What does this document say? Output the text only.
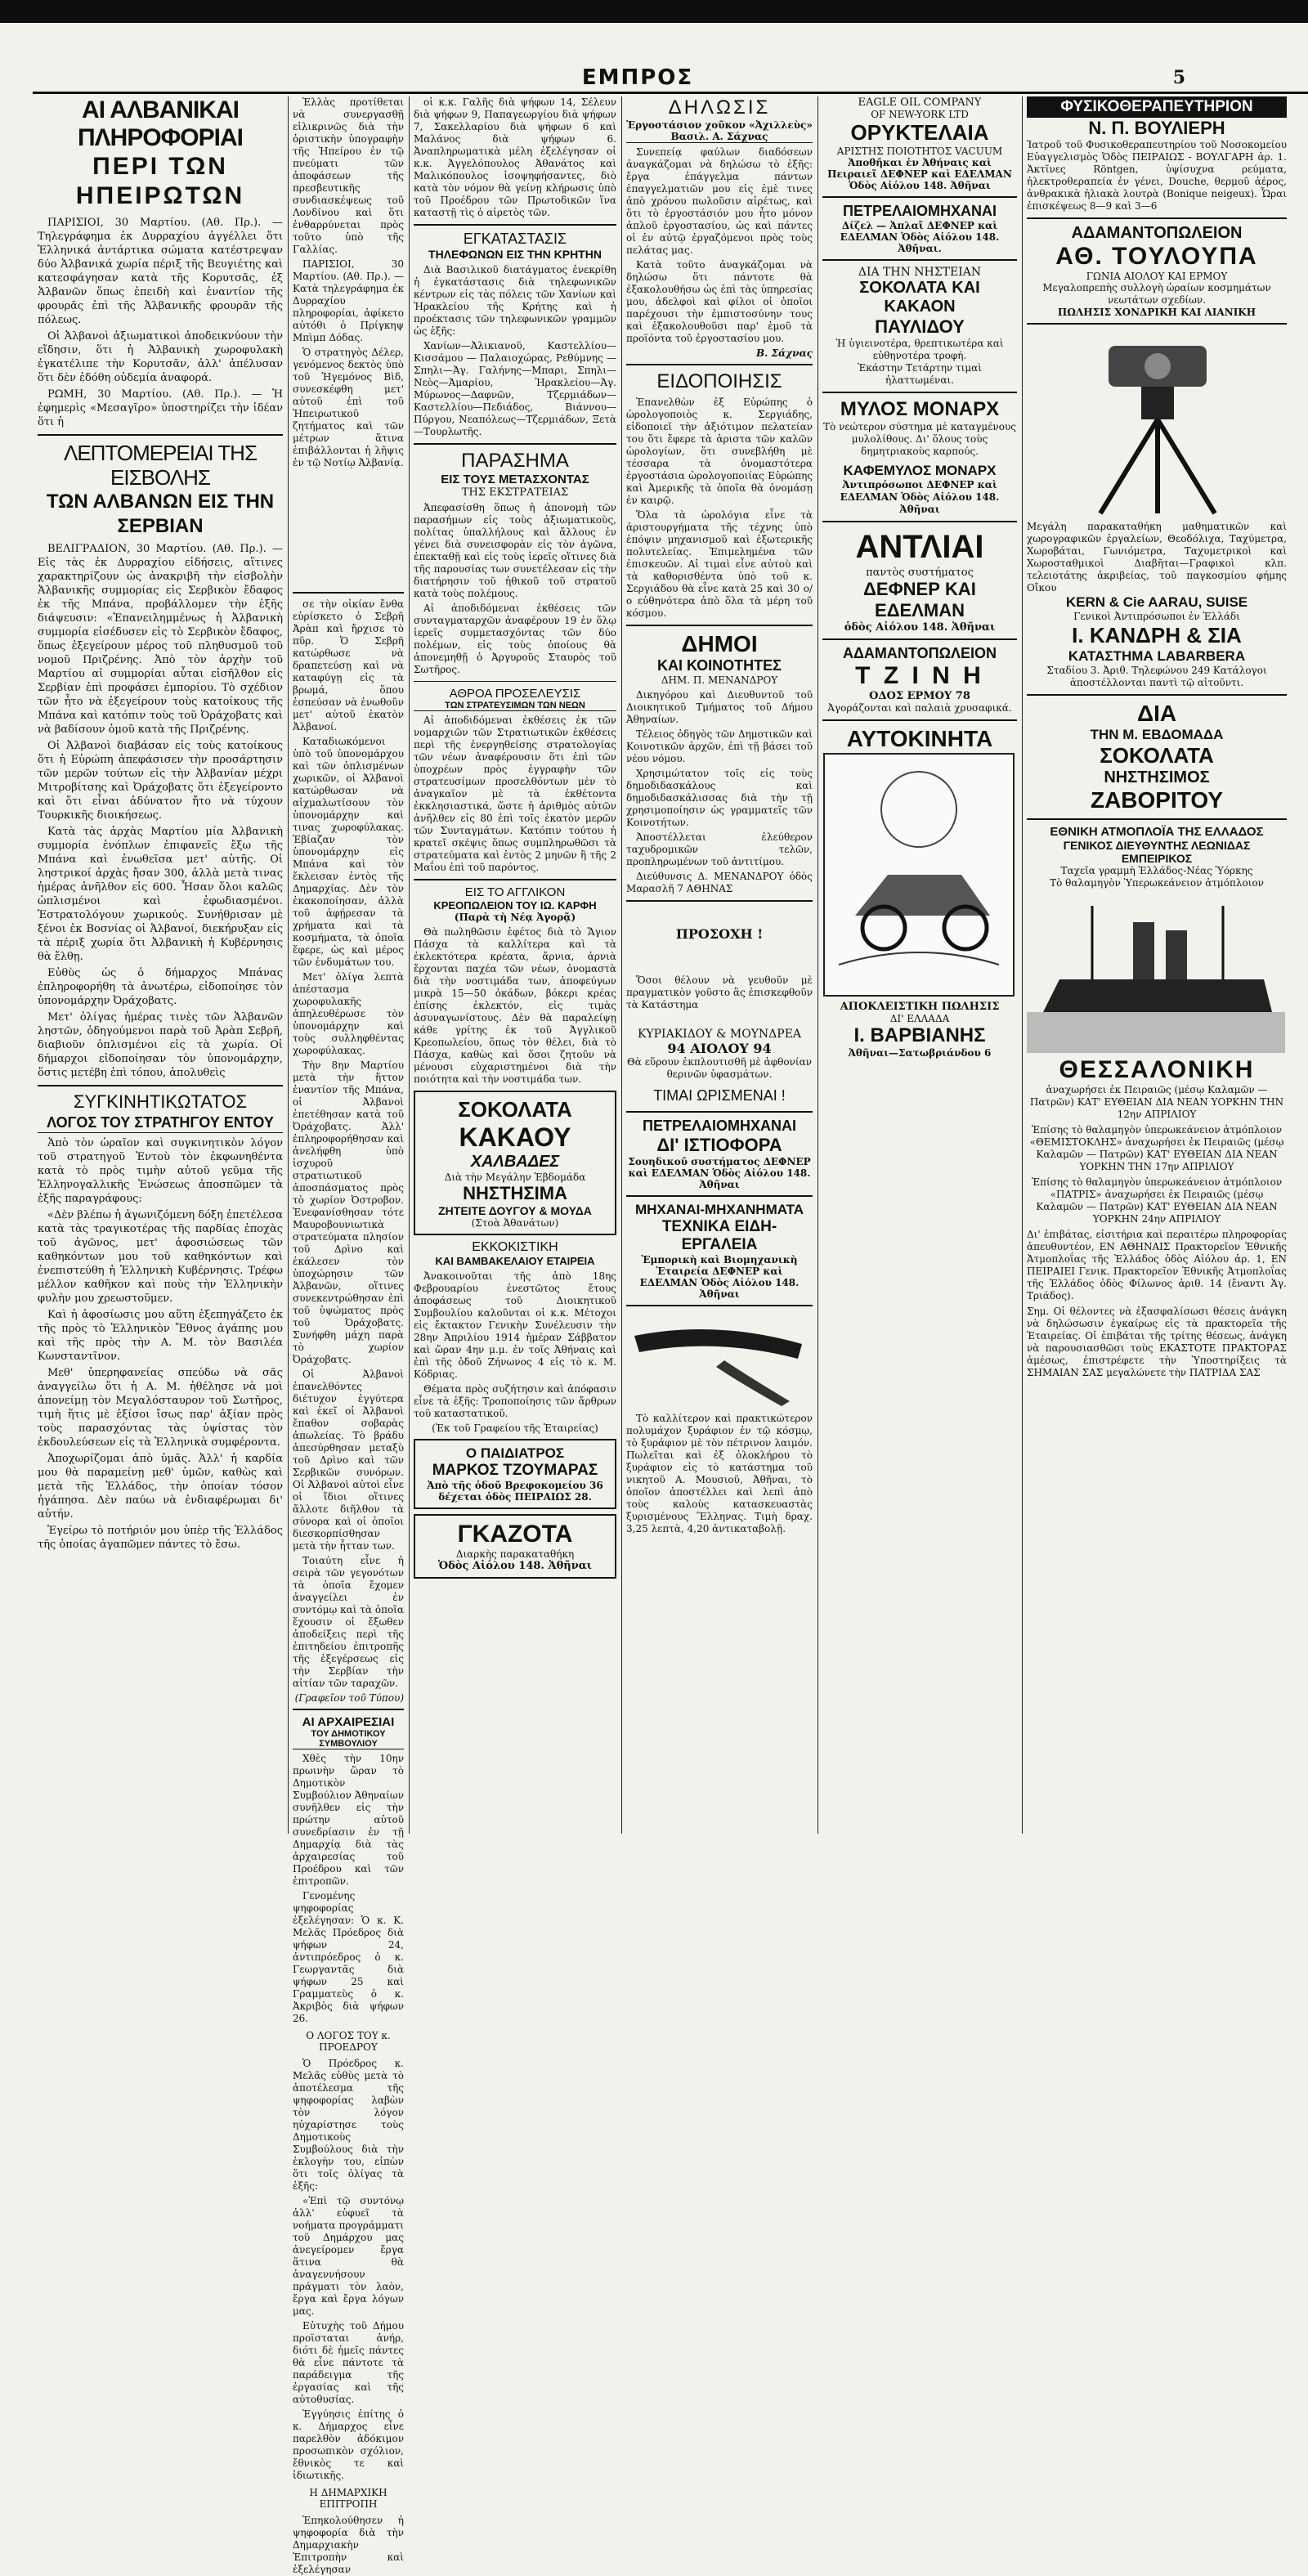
ΕΜΠΡΟΣ	5
ΑΙ ΑΛΒΑΝΙΚΑΙ ΠΛΗΡΟΦΟΡΙΑΙ
ΠΕΡΙ ΤΩΝ ΗΠΕΙΡΩΤΩΝ

ΠΑΡΙΣΙΟΙ, 30 Μαρτίου. (Αθ. Πρ.). — Τηλεγράφημα ἐκ Δυρραχίου ἀγγέλλει ὅτι Ἐλληνικά ἀντάρτικα σώματα κατέστρεψαν δύο Ἀλβανικά χωρία πέριξ τῆς Βευγιέτης καὶ κατεσφάγησαν κατὰ τῆς Κορυτσᾶς, ἐξ Ἀλβανῶν ὅπως ἐπειδὴ καὶ ἐναντίον τῆς φρουρᾶς ἐπὶ τῆς Ἀλβανικῆς φρουρᾶν τῆς πόλεως.

Οἱ Ἀλβανοὶ ἀξιωματικοὶ ἀποδεικνύουν τὴν εἴδησιν, ὅτι ἡ Ἀλβανικὴ χωροφυλακὴ ἐγκατέλιπε τὴν Κορυτσᾶν, ἀλλ' ἀπέλυσαν ὅτι δὲν ἐδόθη οὐδεμία ἀναφορά.

ΡΩΜΗ, 30 Μαρτίου. (Αθ. Πρ.). — Ἡ ἐφημερὶς «Μεσαγῖρο» ὑποστηρίζει τὴν ἰδέαν ὅτι ἡ

ΛΕΠΤΟΜΕΡΕΙΑΙ ΤΗΣ ΕΙΣΒΟΛΗΣ
ΤΩΝ ΑΛΒΑΝΩΝ ΕΙΣ ΤΗΝ ΣΕΡΒΙΑΝ

ΒΕΛΙΓΡΑΔΙΟΝ, 30 Μαρτίου. (Αθ. Πρ.). — Εἰς τὰς ἐκ Δυρραχίου εἰδήσεις, αἵτινες χαρακτηρίζουν ὡς ἀνακριβῆ τὴν εἰσβολὴν Ἀλβανικῆς συμμορίας εἰς Σερβικὸν ἔδαφος ἐκ τῆς Μπάνα, προβάλλομεν τὴν ἑξῆς διάψευσιν: «Ἐπανειλημμένως ἡ Ἀλβανικὴ συμμορία εἰσέδυσεν εἰς τὸ Σερβικὸν ἔδαφος, ὅπως ἐξεγείρουν μέρος τοῦ πληθυσμοῦ τοῦ νομοῦ Πριζρένης. Ἀπὸ τὸν ἀρχὴν τοῦ Μαρτίου αἱ συμμορίαι αὗται εἰσῆλθον εἰς Σερβίαν ἐπὶ προφάσει ἐμπορίου. Τὸ σχέδιον τῶν ἦτο νὰ ἐξεγείρουν τοὺς κατοίκους τῆς Μπάνα καὶ κατόπιν τοὺς τοῦ Ὀράχοβατς καὶ νὰ βαδίσουν ὁμοῦ κατὰ τῆς Πριζρένης.

Οἱ Ἀλβανοὶ διαβάσαν εἰς τοὺς κατοίκους ὅτι ἡ Εὐρώπη ἀπεφάσισεν τὴν προσάρτησιν τῶν μερῶν τούτων εἰς τὴν Ἀλβανίαν μέχρι Μιτροβίτσης καὶ Ὀράχοβατς ὅτι ἐξεγείροντο καὶ ὅτι εἶναι ἀδύνατον ἤτο νὰ τύχουν Τουρκικῆς διοικήσεως.

Κατὰ τὰς ἀρχὰς Μαρτίου μία Ἀλβανικὴ συμμορία ἐνόπλων ἐπιφανεῖς ἔξω τῆς Μπάνα καὶ ἐνωθεῖσα μετ' αὐτῆς. Οἱ ληστρικοί ἀρχὰς ἤσαν 300, ἀλλὰ μετὰ τινας ἡμέρας ἀνῆλθον εἰς 600. Ἦσαν ὅλοι καλῶς ὡπλισμένοι καὶ ἐφωδιασμένοι. Ἐστρατολόγουν χωρικούς. Συνήθρισαν μὲ ξένοι ἐκ Βοσνίας οἱ Ἀλβανοί, διεκήρυξαν εἰς τὰ πέριξ χωρία ὅτι Ἀλβανικὴ ἡ Κυβέρνησις θὰ ἔλθῃ.

Εὐθὺς ὡς ὁ δήμαρχος Μπάνας ἐπληροφορήθη τὰ ἀνωτέρω, εἰδοποίησε τὸν ὑπονομάρχην Ὀράχοβατς.

Μετ' ὀλίγας ἡμέρας τινὲς τῶν Ἀλβανῶν ληστῶν, ὁδηγούμενοι παρὰ τοῦ Ἀρὰπ Σεβρῆ, διαβιοῦν ὁπλισμένοι εἰς τὰ χωρία. Οἱ δήμαρχοι εἰδοποίησαν τὸν ὑπονομάρχην, ὅστις μετέβη ἐπὶ τόπου, ἀπολυθεὶς

ΣΥΓΚΙΝΗΤΙΚΩΤΑΤΟΣ
ΛΟΓΟΣ ΤΟΥ ΣΤΡΑΤΗΓΟΥ ΕΝΤΟΥ

Ἀπὸ τὸν ὡραῖον καὶ συγκινητικὸν λόγον τοῦ στρατηγοῦ Ἐντοὺ τὸν ἐκφωνηθέντα κατὰ τὸ πρὸς τιμὴν αὐτοῦ γεῦμα τῆς Ἑλληνογαλλικῆς Ἑνώσεως ἀποσπῶμεν τὰ ἑξῆς παραγράφους:

«Δὲν βλέπω ἡ ἀγωνιζόμενη δόξη ἐπετέλεσα κατὰ τὰς τραγικοτέρας τῆς παρδίας ἐποχὰς τοῦ ἀγῶνος, μετ' ἀφοσιώσεως τῶν καθηκόντων μου τοῦ καθηκόντων καὶ ἐνεπιστεύθη ἡ Ἑλληνικὴ Κυβέρνησις. Τρέφω μέλλον καθῆκον καὶ ποὺς τὴν Ἑλληνικὴν φυλὴν μου χρεωστοῦμεν.

Καὶ ἡ ἀφοσίωσις μου αὕτη ἐξεπηγάζετο ἐκ τῆς πρὸς τὸ Ἑλληνικὸν Ἔθνος ἀγάπης μου καὶ τῆς πρὸς τὴν Α. Μ. τὸν Βασιλέα Κωνσταντῖνον.

Μεθ' ὑπερηφανείας σπεύδω νὰ σᾶς ἀναγγείλω ὅτι ἡ Α. Μ. ἠθέλησε νὰ μοὶ ἀπονείμῃ τὸν Μεγαλόσταυρον τοῦ Σωτῆρος, τιμὴ ἥτις μὲ ἐξίσοι ἴσως παρ' ἀξίαν πρὸς τοὺς παρασχόντας τὰς ὑψίστας τὸν ἐκδουλεύσεων εἰς τὰ Ἑλληνικὰ συμφέροντα.

Ἀποχωρίζομαι ἀπὸ ὑμᾶς. Ἀλλ' ἡ καρδία μου θὰ παραμείνῃ μεθ' ὑμῶν, καθὼς καὶ μετὰ τῆς Ἑλλάδος, τὴν ὁποίαν τόσον ἠγάπησα. Δὲν παύω νὰ ἐνδιαφέρωμαι δι' αὐτήν.

Ἐγείρω τὸ ποτήριόν μου ὑπὲρ τῆς Ἑλλάδος τῆς ὁποίας ἀγαπῶμεν πάντες τὸ ἔσω.

Ἑλλὰς προτίθεται νὰ συνεργασθῇ εἰλικρινῶς διὰ τὴν ὁριστικὴν ὑπογραφὴν τῆς Ἠπείρου ἐν τῷ πνεύματι τῶν ἀποφάσεων τῆς πρεσβευτικῆς συνδιασκέψεως τοῦ Λονδίνου καὶ ὅτι ἐνθαρρύνεται πρὸς τοῦτο ὑπὸ τῆς Γαλλίας.

ΠΑΡΙΣΙΟΙ, 30 Μαρτίου. (Αθ. Πρ.). — Κατὰ τηλεγράφημα ἐκ Δυρραχίου πληροφορίαι, ἀφίκετο αὐτόθι ὁ Πρίγκηψ Μπὶμπ Δόδας.

Ὁ στρατηγὸς Δέλερ, γενόμενος δεκτὸς ὑπὸ τοῦ Ἡγεμόνος Βὶδ, συνεσκέφθη μετ' αὐτοῦ ἐπὶ τοῦ Ἠπειρωτικοῦ ζητήματος καὶ τῶν μέτρων ἅτινα ἐπιβάλλονται ἡ λῆψις ἐν τῷ Νοτίῳ Ἀλβανίᾳ.

σε τὴν οἰκίαν ἔνθα εὑρίσκετο ὁ Σεβρῆ Ἀρὰπ καὶ ἤρχισε τὸ πῦρ. Ὁ Σεβρῆ κατώρθωσε νὰ δραπετεύσῃ καὶ νὰ καταφύγῃ εἰς τὰ βρωμά, ὅπου ἐσπεύσαν νὰ ἑνωθοῦν μετ' αὐτοῦ ἑκατὸν Ἀλβανοί.

Καταδιωκόμενοι ὑπὸ τοῦ ὑπονομάρχου καὶ τῶν ὁπλισμένων χωρικῶν, οἱ Ἀλβανοὶ κατώρθωσαν νὰ αἰχμαλωτίσουν τὸν ὑπονομάρχην καὶ τινας χωροφύλακας. Ἐβίαζαν τὸν ὑπονομάρχην εἰς Μπάνα καὶ τὸν ἔκλεισαν ἐντὸς τῆς Δημαρχίας. Δὲν τὸν ἐκακοποίησαν, ἀλλὰ τοῦ ἀφῄρεσαν τὰ χρήματα καὶ τὰ κοσμήματα, τὰ ὁποῖα ἔφερε, ὡς καὶ μέρος τῶν ἐνδυμάτων του.

Μετ' ὀλίγα λεπτὰ ἀπέστασμα χωροφυλακῆς ἀπηλευθέρωσε τὸν ὑπονομάρχην καὶ τοὺς συλληφθέντας χωροφύλακας.

Τὴν 8ην Μαρτίου μετὰ τὴν ἥττον ἐναντίον τῆς Μπάνα, οἱ Ἀλβανοὶ ἐπετέθησαν κατὰ τοῦ Ὀράχοβατς. Ἀλλ' ἐπληροφορήθησαν καὶ ἀνελήφθη ὑπὸ ἰσχυροῦ στρατιωτικοῦ ἀποσπάσματος πρὸς τὸ χωρίον Ὀστροβον. Ἐνεφανίσθησαν τότε Μαυροβουνιωτικὰ στρατεύματα πλησίον τοῦ Δρὶνο καὶ ἐκάλεσεν τὸν ὑποχώρησιν τῶν Ἀλβανῶν, οἵτινες συνεκεντρώθησαν ἐπὶ τοῦ ὑψώματος πρὸς τοῦ Ὀράχοβατς. Συνήφθη μάχη παρὰ τὸ χωρίον Ὀράχοβατς.

Οἱ Ἀλβανοὶ ἐπανελθόντες διέτυχον ἐγγύτερα καὶ ἐκεῖ οἱ Ἀλβανοὶ ἔπαθον σοβαρὰς ἀπωλείας. Τὸ βράδυ ἀπεσύρθησαν μεταξὺ τοῦ Δρὶνο καὶ τῶν Σερβικῶν συνόρων. Οἱ Ἀλβανοὶ αὐτοὶ εἶνε οἱ ἴδιοι οἵτινες ἄλλοτε διῆλθον τὰ σύνορα καὶ οἱ ὁποῖοι διεσκορπίσθησαν μετὰ τὴν ἧτταν των.

Τοιαύτη εἶνε ἡ σειρὰ τῶν γεγονότων τὰ ὁποῖα ἔχομεν ἀναγγείλει ἐν συντόμῳ καὶ τὰ ὁποῖα ἔχουσιν οἱ ἔξωθεν ἀποδείξεις περὶ τῆς ἐπιτηδείου ἐπιτροπῆς τῆς ἐξεγέρσεως εἰς τὴν Σερβίαν τὴν αἰτίαν τῶν ταραχῶν.

(Γραφεῖον τοῦ Τύπου)
ΑΙ ΑΡΧΑΙΡΕΣΙΑΙ
ΤΟΥ ΔΗΜΟΤΙΚΟΥ ΣΥΜΒΟΥΛΙΟΥ

Χθὲς τὴν 10ην πρωινὴν ὥραν τὸ Δημοτικὸν Συμβούλιον Ἀθηναίων συνῆλθεν εἰς τὴν πρώτην αὐτοῦ συνεδρίασιν ἐν τῇ Δημαρχίᾳ διὰ τὰς ἀρχαιρεσίας τοῦ Προέδρου καὶ τῶν ἐπιτροπῶν.

Γενομένης ψηφοφορίας ἐξελέγησαν: Ὁ κ. Κ. Μελᾶς Πρόεδρος διὰ ψήφων 24, ἀντιπρόεδρος ὁ κ. Γεωργαντᾶς διὰ ψήφων 25 καὶ Γραμματεὺς ὁ κ. Ἀκριβὸς διὰ ψήφων 26.

Ο ΛΟΓΟΣ ΤΟΥ κ. ΠΡΟΕΔΡΟΥ

Ὁ Πρόεδρος κ. Μελᾶς εὐθὺς μετὰ τὸ ἀποτέλεσμα τῆς ψηφοφορίας λαβὼν τὸν λόγον ηὐχαρίστησε τοὺς Δημοτικοὺς Συμβούλους διὰ τὴν ἐκλογὴν του, εἰπὼν ὅτι τοῖς ὀλίγας τὰ ἑξῆς:

«Ἐπὶ τῷ συντόνῳ ἀλλ' εὐφυεῖ τὰ νοήματα προγράμματι τοῦ Δημάρχου μας ἀνεγείρομεν ἔργα ἅτινα θὰ ἀναγεννήσουν πράγματι τὸν λαὸν, ἔργα καὶ ἔργα λόγων μας.

Εὐτυχὴς τοῦ Δήμου προϊσταται ἀνήρ, διότι δὲ ἠμεῖς πάντες θὰ εἶνε πάντοτε τὰ παράδειγμα τῆς ἐργασίας καὶ τῆς αὐτοθυσίας.

Ἐγγύησις ἐπίτης ὁ κ. Δήμαρχος εἶνε παρελθὸν ἀδόκιμον προσωπικὸν σχόλιον, ἔθνικὸς τε καὶ ἰδιωτικῆς.

Η ΔΗΜΑΡΧΙΚΗ ΕΠΙΤΡΟΠΗ

Ἐπηκολούθησεν ἡ ψηφοφορία διὰ τὴν Δημαρχιακὴν Ἐπιτροπὴν καὶ ἐξελέγησαν

οἱ κ.κ. Γαλῆς διὰ ψήφων 14, Σέλευν διὰ ψήφων 9, Παπαγεωργίου διὰ ψήφων 7, Σακελλαρίου διὰ ψήφων 6 καὶ Μαλάνος διὰ ψήφων 6. Ἀναπληρωματικὰ μέλη ἐξελέγησαν οἱ κ.κ. Ἀγγελόπουλος Ἀθανάτος καὶ Μαλικόπουλος ἰσοψηφήσαντες, διὸ κατὰ τὸν νόμον θὰ γείνῃ κλήρωσις ὑπὸ τοῦ Προέδρου τῶν Πρωτοδικῶν ἵνα καταστῇ τὶς ὁ αἱρετὸς τῶν.

ΕΓΚΑΤΑΣΤΑΣΙΣ
ΤΗΛΕΦΩΝΩΝ ΕΙΣ ΤΗΝ ΚΡΗΤΗΝ

Διὰ Βασιλικοῦ διατάγματος ἐνεκρίθη ἡ ἐγκατάστασις διὰ τηλεφωνικῶν κέντρων εἰς τὰς πόλεις τῶν Χανίων καὶ Ἡρακλείου τῆς Κρήτης καὶ ἡ προέκτασις τῶν τηλεφωνικῶν γραμμῶν ὡς ἑξῆς:

Χανίων—Ἀλικιανοῦ, Καστελλίου—Κισσάμου — Παλαιοχώρας, Ρεθύμνης — Σπηλι—Ἀγ. Γαλήνης—Μπαρι, Σπηλι—Νεὸς—Ἀμαρίου, Ἡρακλείου—Ἀγ. Μύρωνος—Δαφνῶν, Τζερμιάδων—Καστελλίου—Πεδιάδος, Βιάννου—Πύργου, Νεαπόλεως—Τζερμιάδων, Ξετὰ—Τουρλωτῆς.

ΠΑΡΑΣΗΜΑ
ΕΙΣ ΤΟΥΣ ΜΕΤΑΣΧΟΝΤΑΣ
ΤΗΣ ΕΚΣΤΡΑΤΕΙΑΣ

Ἀπεφασίσθη ὅπως ἡ ἀπονομὴ τῶν παρασήμων εἰς τοὺς ἀξιωματικοὺς, πολίτας ὑπαλλήλους καὶ ἄλλους ἐν γένει διὰ συνεισφορὰν εἰς τὸν ἀγῶνα, ἐπεκταθῇ καὶ εἰς τοὺς ἱερεῖς οἵτινες διὰ τῆς παρουσίας των συνετέλεσαν εἰς τὴν διατήρησιν τοῦ ἠθικοῦ τοῦ στρατοῦ κατὰ τοὺς πολέμους.

Αἱ ἀποδιδόμεναι ἐκθέσεις τῶν συνταγματαρχῶν ἀναφέρουν 19 ἐν ὅλῳ ἱερεῖς συμμετασχόντας τῶν δύο πολέμων, εἰς τοὺς ὁποίους θὰ ἀπονεμηθῇ ὁ Ἀργυροῦς Σταυρὸς τοῦ Σωτῆρος.

ΑΘΡΟΑ ΠΡΟΣΕΛΕΥΣΙΣ
ΤΩΝ ΣΤΡΑΤΕΥΣΙΜΩΝ ΤΩΝ ΝΕΩΝ

Αἱ ἀποδιδόμεναι ἐκθέσεις ἐκ τῶν νομαρχιῶν τῶν Στρατιωτικῶν ἐκθέσεις περὶ τῆς ἐνεργηθείσης στρατολογίας τῶν νέων ἀναφέρουσιν ὅτι ἐπὶ τῶν ὑποχρέων πρὸς ἐγγραφὴν τῶν στρατευσίμων προσελθόντων μὲν τὸ ἀναγκαῖον μὲ τὰ ἐκθέτοντα ἐκκλησιαστικά, ὥστε ἡ ἀριθμὸς αὐτῶν ἀνῆλθεν εἰς 80 ἐπὶ τοῖς ἑκατὸν μερῶν τῶν Συνταγμάτων. Κατόπιν τούτου ἡ κρατεῖ σκέψις ὅπως συμπληρωθῶσι τὰ στρατεύματα καὶ ἐντὸς 2 μηνῶν ἢ τῆς 2 Μαΐου ἐπὶ τοῦ παρόντος.

ΕΙΣ ΤΟ ΑΓΓΛΙΚΟΝ
ΚΡΕΟΠΩΛΕΙΟΝ ΤΟΥ ΙΩ. ΚΑΡΦΗ
(Παρὰ τὴ Νέᾳ Ἀγορᾷ)

Θὰ πωληθῶσιν ἐφέτος διὰ τὸ Ἅγιον Πάσχα τὰ καλλίτερα καὶ τὰ ἐκλεκτότερα κρέατα, ἄρνια, ἀρνιὰ ἔρχονται παχέα τῶν νέων, ὀνομαστὰ διὰ τὴν νοστιμάδα των, ἀποφεύγων μικρὰ 15—50 ὀκάδων, βόκερι κρέας ἐπίσης ἐκλεκτόν, εἰς τιμὰς ἀσυναγωνίστους. Δὲν θὰ παραλείψῃ κάθε γρίτης ἐκ τοῦ Ἀγγλικοῦ Κρεοπωλείου, ὅπως τὸν θέλει, διὰ τὸ Πάσχα, καθὼς καὶ ὅσοι ζητοῦν νὰ μένουσι εὐχαριστημένοι διὰ τὴν ποιότητα καὶ τὴν νοστιμάδα των.

ΣΟΚΟΛΑΤΑ
ΚΑΚΑΟΥ
ΧΑΛΒΑΔΕΣ
Διὰ τὴν Μεγάλην Ἑβδομάδα
ΝΗΣΤΗΣΙΜΑ
ΖΗΤΕΙΤΕ ΔΟΥΓΟΥ & ΜΟΥΔΑ
(Στοὰ Ἀθανάτων)
ΕΚΚΟΚΙΣΤΙΚΗ
ΚΑΙ ΒΑΜΒΑΚΕΛΑΙΟΥ ΕΤΑΙΡΕΙΑ

Ἀνακοινοῦται τῆς ἀπὸ 18ης Φεβρουαρίου ἐνεστῶτος ἔτους ἀποφάσεως τοῦ Διοικητικοῦ Συμβουλίου καλοῦνται οἱ κ.κ. Μέτοχοι εἰς ἔκτακτον Γενικὴν Συνέλευσιν τὴν 28ην Ἀπριλίου 1914 ἡμέραν Σάββατον καὶ ὥραν 4ην μ.μ. ἐν τοῖς Ἀθήναις καὶ ἐπὶ τῆς ὁδοῦ Ζήνωνος 4 εἰς τὸ κ. Μ. Κόδριας.

Θέματα πρὸς συζήτησιν καὶ ἀπόφασιν εἶνε τὰ ἑξῆς: Τροποποίησις τῶν ἄρθρων τοῦ καταστατικοῦ.

(Ἐκ τοῦ Γραφείου τῆς Ἑταιρείας)
Ο ΠΑΙΔΙΑΤΡΟΣ
ΜΑΡΚΟΣ ΤΖΟΥΜΑΡΑΣ
Ἀπὸ τῆς ὁδοῦ Βρεφοκομείου 36 δέχεται ὁδὸς ΠΕΙΡΑΙΩΣ 28.
ΓΚΑΖΟΤΑ
Διαρκὴς παρακαταθήκη
Ὁδὸς Αἰόλου 148. Ἀθῆναι
ΔΗΛΩΣΙΣ
Ἐργοστάσιον χοῦκον «Ἀχιλλεὺς» Βασιλ. Α. Σάχνας

Συνεπείᾳ φαύλων διαδόσεων ἀναγκάζομαι νὰ δηλώσω τὸ ἐξῆς: ἔργα ἐπάγγελμα πάντων ἐπαγγελματιῶν μου εἰς ἐμὲ τινες ἀπὸ χρόνου πωλοῦσιν αἰρέτως, καὶ ὅτι τὸ ἐργοστάσιόν μου ἦτο μόνον ἁπλοῦ ἐργοστασίου, ὡς καὶ πάντες οἱ ἐν αὐτῷ ἐργαζόμενοι πρὸς τοὺς πελάτας μας.

Κατὰ τοῦτο ἀναγκάζομαι νὰ δηλώσω ὅτι πάντοτε θὰ ἐξακολουθήσω ὡς ἐπὶ τὰς ὑπηρεσίας μου, ἀδελφοὶ καὶ φίλοι οἱ ὁποῖοι παρέχουσι τὴν ἐμπιστοσύνην τους καὶ ἐξακολουθοῦσι παρ' ἐμοῦ τὰ προϊόντα τοῦ ἐργοστασίου μου.

Β. Σάχνας
ΕΙΔΟΠΟΙΗΣΙΣ

Ἐπανελθὼν ἐξ Εὐρώπης ὁ ὡρολογοποιὸς κ. Σεργιάδης, εἰδοποιεῖ τὴν ἀξιότιμον πελατείαν του ὅτι ἔφερε τὰ ἀριστα τῶν καλῶν ὡρολογίων, ὅτι συνεβλήθη μὲ τέσσαρα τὰ ὀνομαστότερα ἐργοστάσια ὡρολογοποιίας Εὐρώπης καὶ Ἀμερικῆς τὰ ὁποῖα θὰ ὀνομάσῃ ἐν καιρῷ.

Ὅλα τὰ ὡρολόγια εἶνε τὰ ἀριστουργήματα τῆς τέχνης ὑπὸ ἐπόψιν μηχανισμοῦ καὶ ἐξωτερικῆς πολυτελείας. Ἐπιμελημένα τῶν ἐπισκευῶν. Αἱ τιμαὶ εἶνε αὐτοὺ καὶ τὰ καθορισθέντα ὑπὸ τοῦ κ. Σεργιάδου θὰ εἶνε κατὰ 25 καὶ 30 ο/ο εὐθηνότερα ἀπὸ ὅλα τὰ μέρη τοῦ κόσμου.

ΔΗΜΟΙ
ΚΑΙ ΚΟΙΝΟΤΗΤΕΣ
ΔΗΜ. Π. ΜΕΝΑΝΔΡΟΥ

Δικηγόρου καὶ Διευθυντοῦ τοῦ Διοικητικοῦ Τμήματος τοῦ Δήμου Ἀθηναίων.

Τέλειος ὁδηγὸς τῶν Δημοτικῶν καὶ Κοινοτικῶν ἀρχῶν, ἐπὶ τῇ βάσει τοῦ νέου νόμου.

Χρησιμώτατον τοῖς εἰς τοὺς δημοδιδασκάλους καὶ δημοδιδασκάλισσας διὰ τὴν τῇ χρησιμοποίησιν ὡς γραμματεῖς τῶν Κοινοτήτων.

Ἀποστέλλεται ἐλεύθερον ταχυδρομικῶν τελῶν, προπληρωμένων τοῦ ἀντιτίμου.

Διεύθυνσις Δ. ΜΕΝΑΝΔΡΟΥ ὁδὸς Μαρασλῆ 7 ΑΘΗΝΑΣ

ΠΡΟΣΟΧΗ !

Ὅσοι θέλουν νὰ γευθοῦν μὲ πραγματικὸν γοῦστο ἂς ἐπισκεφθοῦν τὰ Κατάστημα

ΚΥΡΙΑΚΙΔΟΥ & ΜΟΥΝΔΡΕΑ
94 ΑΙΟΛΟΥ 94
Θὰ εὕρουν ἐκπλουτισθῆ μὲ ἀφθονίαν θερινῶν ὑφασμάτων.
ΤΙΜΑΙ ΩΡΙΣΜΕΝΑΙ !
ΠΕΤΡΕΛΑΙΟΜΗΧΑΝΑΙ
ΔΙ' ΙΣΤΙΟΦΟΡΑ
Σουηδικοῦ συστήματος ΔΕΦΝΕΡ καὶ ΕΔΕΛΜΑΝ Ὁδὸς Αἰόλου 148. Ἀθῆναι
ΜΗΧΑΝΑΙ-ΜΗΧΑΝΗΜΑΤΑ
ΤΕΧΝΙΚΑ ΕΙΔΗ-ΕΡΓΑΛΕΙΑ
Ἐμπορικὴ καὶ Βιομηχανικὴ Ἑταιρεία ΔΕΦΝΕΡ καὶ ΕΔΕΛΜΑΝ Ὁδὸς Αἰόλου 148. Ἀθῆναι

Τὸ καλλίτερον καὶ πρακτικώτερον πολυμάχον ξυράφιον ἐν τῷ κόσμῳ, τὸ ξυράφιον μὲ τὸν πέτρινον λαιμόν. Πωλεῖται καὶ ἐξ ὁλοκλήρου τὸ ξυράφιον εἰς τὸ κατάστημα τοῦ νικητοῦ Α. Μουσιοῦ, Ἀθῆναι, τὸ ὁποῖον ἀποστέλλει καὶ λεπὶ ἀπὸ τοὺς καλοὺς κατασκευαστὰς ξυρισμένους Ἕλληνας. Τιμὴ δραχ. 3,25 λεπτὰ, 4,20 ἀντικαταβολῇ.

EAGLE OIL COMPANY
OF NEW-YORK LTD
ΟΡΥΚΤΕΛΑΙΑ
ΑΡΙΣΤΗΣ ΠΟΙΟΤΗΤΟΣ VACUUM
Ἀποθῆκαι ἐν Ἀθήναις καὶ Πειραιεῖ ΔΕΦΝΕΡ καὶ ΕΔΕΛΜΑΝ Ὁδὸς Αἰόλου 148. Ἀθῆναι
ΠΕΤΡΕΛΑΙΟΜΗΧΑΝΑΙ
Δίζελ — Ἀπλαῖ ΔΕΦΝΕΡ καὶ ΕΔΕΛΜΑΝ Ὁδὸς Αἰόλου 148. Ἀθῆναι.
ΔΙΑ ΤΗΝ ΝΗΣΤΕΙΑΝ
ΣΟΚΟΛΑΤΑ ΚΑΙ ΚΑΚΑΟΝ
ΠΑΥΛΙΔΟΥ
Ἡ ὑγιεινοτέρα, θρεπτικωτέρα καὶ εὐθηνοτέρα τροφή.
Ἐκάστην Τετάρτην τιμαὶ ἠλαττωμέναι.
ΜΥΛΟΣ ΜΟΝΑΡΧ
Τὸ νεώτερον σύστημα μὲ καταγμένους μυλολίθους. Δι' ὅλους τοὺς δημητριακοὺς καρπούς.
ΚΑΦΕΜΥΛΟΣ ΜΟΝΑΡΧ
Ἀντιπρόσωποι ΔΕΦΝΕΡ καὶ ΕΔΕΛΜΑΝ Ὁδὸς Αἰόλου 148. Ἀθῆναι
ΑΝΤΛΙΑΙ
παντὸς συστήματος
ΔΕΦΝΕΡ ΚΑΙ ΕΔΕΛΜΑΝ
ὁδὸς Αἰόλου 148. Ἀθῆναι
ΑΔΑΜΑΝΤΟΠΩΛΕΙΟΝ
Τ Ζ Ι Ν Η
ΟΔΟΣ ΕΡΜΟΥ 78
Ἀγοράζονται καὶ παλαιὰ χρυσαφικά.
ΑΥΤΟΚΙΝΗΤΑ
ΑΠΟΚΛΕΙΣΤΙΚΗ ΠΩΛΗΣΙΣ
ΔΙ' ΕΛΛΑΔΑ
Ι. ΒΑΡΒΙΑΝΗΣ
Ἀθῆναι—Σατωβριάνδου 6
ΦΥΣΙΚΟΘΕΡΑΠΕΥΤΗΡΙΟΝ
Ν. Π. ΒΟΥΛΙΕΡΗ
Ἰατροῦ τοῦ Φυσικοθεραπευτηρίου τοῦ Νοσοκομείου Εὐαγγελισμὸς Ὁδὸς ΠΕΙΡΑΙΩΣ - ΒΟΥΛΓΑΡΗ ἀρ. 1. Ἀκτῖνες Röntgen, ὑψίσυχνα ρεύματα, ἠλεκτροθεραπεία ἐν γένει, Douche, θερμοῦ ἀέρος, ἀνθρακικὰ ἠλιακὰ λουτρὰ (Bonique neigeux). Ὧραι ἐπισκέψεως 8—9 καὶ 3—6
ΑΔΑΜΑΝΤΟΠΩΛΕΙΟΝ
ΑΘ. ΤΟΥΛΟΥΠΑ
ΓΩΝΙΑ ΑΙΟΛΟΥ ΚΑΙ ΕΡΜΟΥ
Μεγαλοπρεπὴς συλλογὴ ὡραίων κοσμημάτων νεωτάτων σχεδίων.
ΠΩΛΗΣΙΣ ΧΟΝΔΡΙΚΗ ΚΑΙ ΛΙΑΝΙΚΗ
Μεγάλη παρακαταθήκη μαθηματικῶν καὶ χωρογραφικῶν ἐργαλείων, Θεοδόλιχα, Ταχύμετρα, Χωροβάται, Γωνιόμετρα, Ταχυμετρικοὶ καὶ Χωροσταθμικοὶ Διαβῆται—Γραφικοὶ κλπ. τελειοτάτης ἀκριβείας, τοῦ παγκοσμίου φήμης Οἴκου
KERN & Cie AARAU, SUISE
Γενικοὶ Ἀντιπρόσωποι ἐν Ἑλλάδι
Ι. ΚΑΝΔΡΗ & ΣΙΑ
ΚΑΤΑΣΤΗΜΑ LABARBERA
Σταδίου 3. Ἀριθ. Τηλεφώνου 249 Κατάλογοι ἀποστέλλονται παντὶ τῷ αἰτοῦντι.
ΔΙΑ
ΤΗΝ Μ. ΕΒΔΟΜΑΔΑ
ΣΟΚΟΛΑΤΑ
ΝΗΣΤΗΣΙΜΟΣ
ΖΑΒΟΡΙΤΟΥ
ΕΘΝΙΚΗ ΑΤΜΟΠΛΟΪΑ ΤΗΣ ΕΛΛΑΔΟΣ
ΓΕΝΙΚΟΣ ΔΙΕΥΘΥΝΤΗΣ ΛΕΩΝΙΔΑΣ ΕΜΠΕΙΡΙΚΟΣ
Ταχεῖα γραμμὴ Ἑλλάδος-Νέας Ὑόρκης
Τὸ θαλαμηγὸν Ὑπερωκεάνειον ἀτμόπλοιον
ΘΕΣΣΑΛΟΝΙΚΗ
ἀναχωρήσει ἐκ Πειραιῶς (μέσῳ Καλαμῶν — Πατρῶν) ΚΑΤ' ΕΥΘΕΙΑΝ ΔΙΑ ΝΕΑΝ ΥΟΡΚΗΝ ΤΗΝ 12ην ΑΠΡΙΛΙΟΥ
Ἐπίσης τὸ θαλαμηγὸν ὑπερωκεάνειον ἀτμόπλοιον «ΘΕΜΙΣΤΟΚΛΗΣ» ἀναχωρήσει ἐκ Πειραιῶς (μέσῳ Καλαμῶν — Πατρῶν) ΚΑΤ' ΕΥΘΕΙΑΝ ΔΙΑ ΝΕΑΝ ΥΟΡΚΗΝ ΤΗΝ 17ην ΑΠΡΙΛΙΟΥ
Ἐπίσης τὸ θαλαμηγὸν ὑπερωκεάνειον ἀτμόπλοιον «ΠΑΤΡΙΣ» ἀναχωρήσει ἐκ Πειραιῶς (μέσῳ Καλαμῶν — Πατρῶν) ΚΑΤ' ΕΥΘΕΙΑΝ ΔΙΑ ΝΕΑΝ ΥΟΡΚΗΝ 24ην ΑΠΡΙΛΙΟΥ
Δι' ἐπιβάτας, εἰσιτήρια καὶ περαιτέρω πληροφορίας ἀπευθυντέον, ΕΝ ΑΘΗΝΑΙΣ Πρακτορεῖον Ἐθνικῆς Ἀτμοπλοΐας τῆς Ἑλλάδος ὁδὸς Αἰόλου ἀρ. 1, ΕΝ ΠΕΙΡΑΙΕΙ Γενικ. Πρακτορεῖον Ἐθνικῆς Ἀτμοπλοΐας τῆς Ἑλλάδος ὁδὸς Φίλωνος ἀριθ. 14 (ἔναντι Ἁγ. Τριάδος).
Σημ. Οἱ θέλοντες νὰ ἐξασφαλίσωσι θέσεις ἀνάγκη νὰ δηλώσωσιν ἐγκαίρως εἰς τὰ πρακτορεῖα τῆς Ἑταιρείας. Οἱ ἐπιβάται τῆς τρίτης θέσεως, ἀνάγκη νὰ παρουσιασθῶσι τοὺς ΕΚΑΣΤΟΤΕ ΠΡΑΚΤΟΡΑΣ ἀμέσως, ἐπιστρέφετε τὴν Ὑποστηρίξεις τὰ ΣΗΜΑΙΑΝ ΣΑΣ μεγαλώνετε τὴν ΠΑΤΡΙΔΑ ΣΑΣ
